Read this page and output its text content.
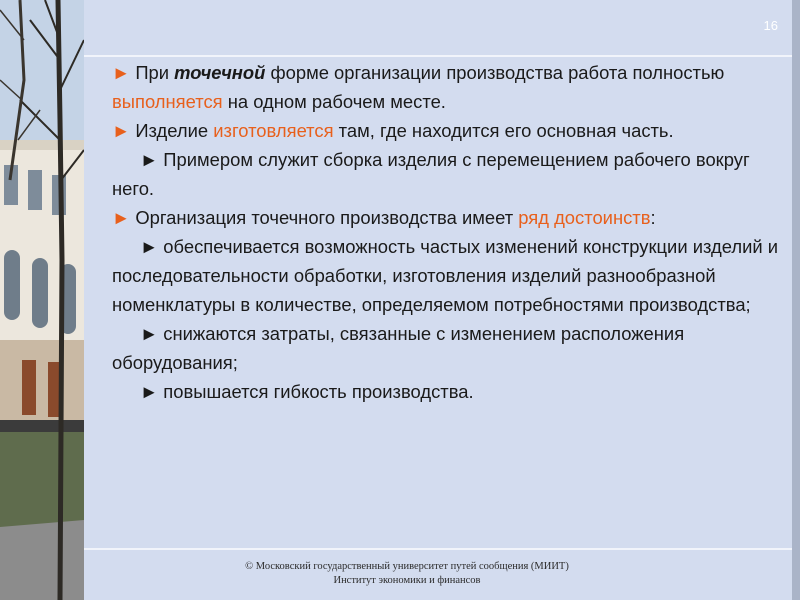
16

► При точечной форме организации производства работа полностью выполняется на одном рабочем месте.

► Изделие изготовляется там, где находится его основная часть.

► Примером служит сборка изделия с перемещением рабочего вокруг него.

► Организация точечного производства имеет ряд достоинств:

► обеспечивается возможность частых изменений конструкции изделий и последовательности обработки, изготовления изделий разнообразной номенклатуры в количестве, определяемом потребностями производства;

► снижаются затраты, связанные с изменением расположения оборудования;

► повышается гибкость производства.

© Московский государственный университет путей сообщения (МИИТ)
Институт экономики и финансов
